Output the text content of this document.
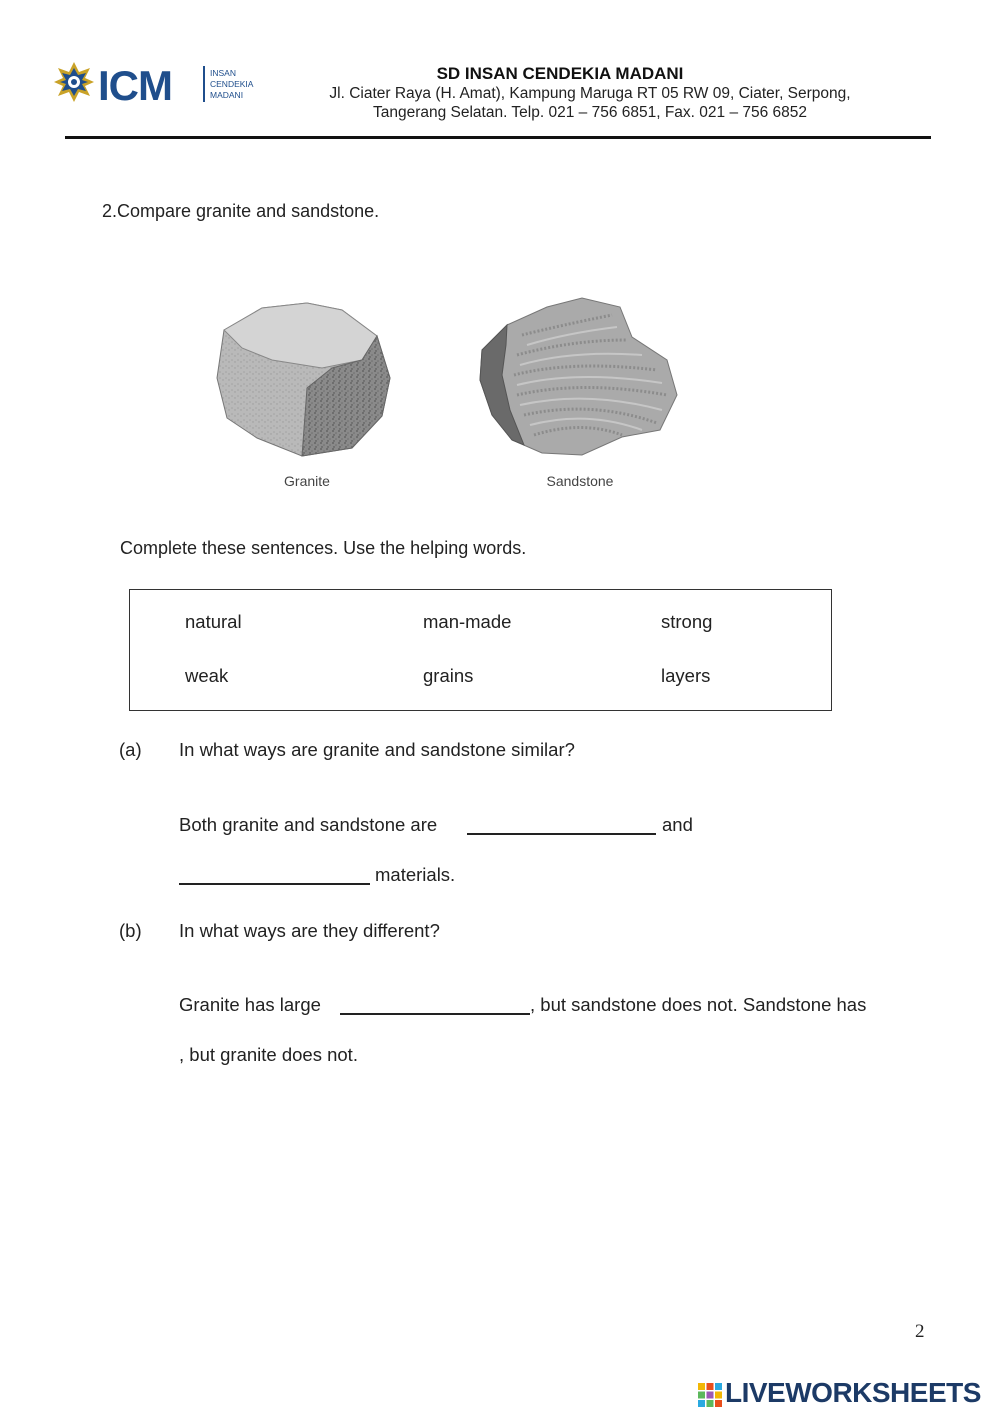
ICM	INSAN
CENDEKIA
MADANI
SD INSAN CENDEKIA MADANI
Jl. Ciater Raya (H. Amat), Kampung Maruga RT 05 RW 09, Ciater, Serpong,
Tangerang Selatan. Telp. 021 – 756 6851, Fax. 021 – 756 6852
2.Compare granite and sandstone.
Granite	Sandstone
Complete these sentences. Use the helping words.
natural	man-made	strong
weak	grains	layers
(a) In what ways are granite and sandstone similar?
Both granite and sandstone are	and
materials.
(b) In what ways are they different?
Granite has large	, but sandstone does not. Sandstone has
, but granite does not.
2
LIVEWORKSHEETS
